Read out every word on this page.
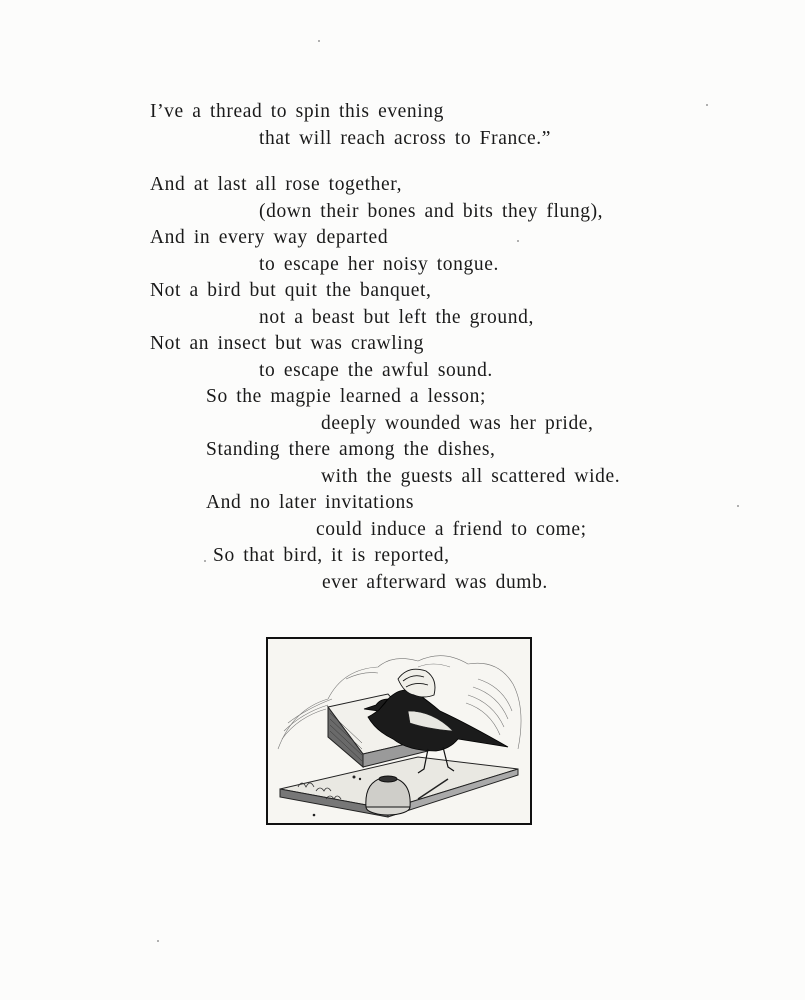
I’ve a thread to spin this evening
that will reach across to France.”
And at last all rose together,
(down their bones and bits they flung),
And in every way departed
to escape her noisy tongue.
Not a bird but quit the banquet,
not a beast but left the ground,
Not an insect but was crawling
to escape the awful sound.
So the magpie learned a lesson;
deeply wounded was her pride,
Standing there among the dishes,
with the guests all scattered wide.
And no later invitations
could induce a friend to come;
So that bird, it is reported,
ever afterward was dumb.
